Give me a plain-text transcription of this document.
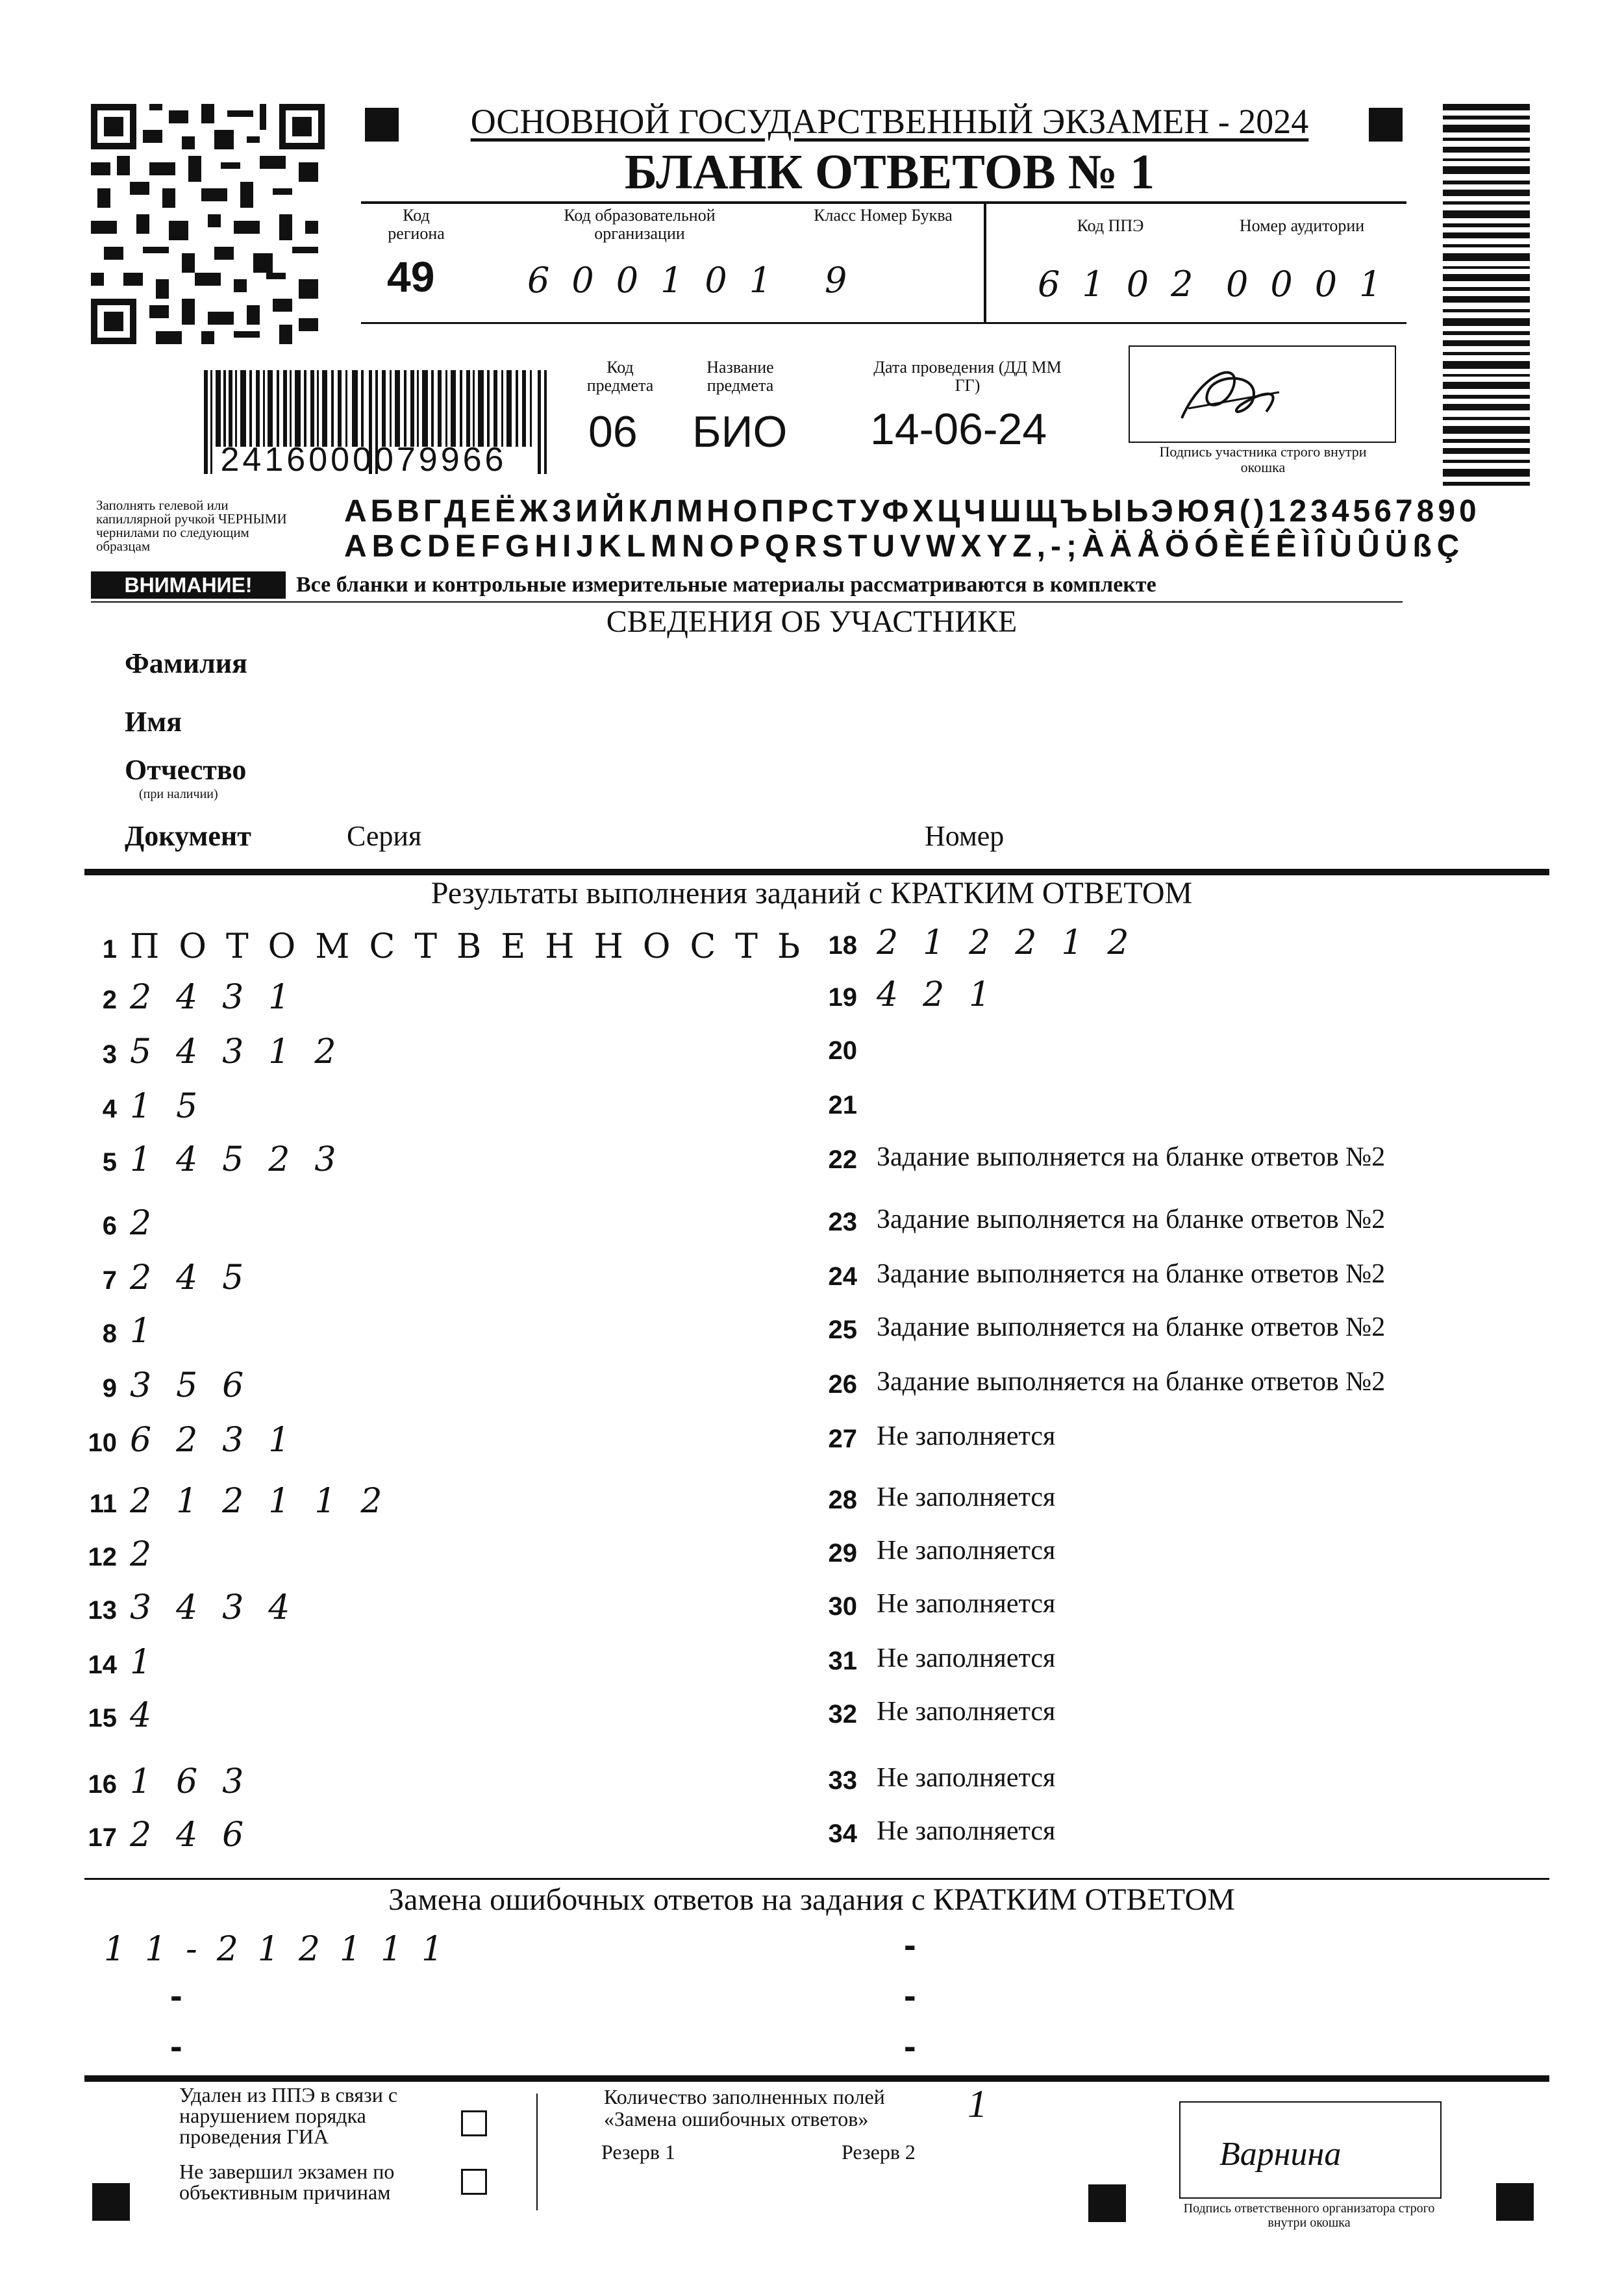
ОСНОВНОЙ ГОСУДАРСТВЕННЫЙ ЭКЗАМЕН - 2024
БЛАНК ОТВЕТОВ № 1
Код региона
49
Код образовательной организации
600101
Класс Номер Буква
9
Код ППЭ
6102
Номер аудитории
0001
2416000079966
Код предмета
06
Название предмета
БИО
Дата проведения (ДД ММ ГГ)
14-06-24	Подпись участника строго внутри окошка
Заполнять гелевой или капиллярной ручкой ЧЕРНЫМИ чернилами по следующим образцам
АБВГДЕЁЖЗИЙКЛМНОПРСТУФХЦЧШЩЪЫЬЭЮЯ()1234567890
ABCDEFGHIJKLMNOPQRSTUVWXYZ,-;ÀÄÅÖÓÈÉÊÌÎÙÛÜßÇ
ВНИМАНИЕ!	Все бланки и контрольные измерительные материалы рассматриваются в комплекте
СВЕДЕНИЯ ОБ УЧАСТНИКЕ
Фамилия
Имя
Отчество
(при наличии)
Документ	Серия	Номер
Результаты выполнения заданий с КРАТКИМ ОТВЕТОМ
1 ПОТОМСТВЕННОСТЬ
2 2431
3 54312
4 15
5 14523
6 2
7 245
8 1
9 356
10 6231
11 212112
12 2
13 3434
14 1
15 4
16 163
17 246
18 212212
19 421
20
21
22 Задание выполняется на бланке ответов №2
23 Задание выполняется на бланке ответов №2
24 Задание выполняется на бланке ответов №2
25 Задание выполняется на бланке ответов №2
26 Задание выполняется на бланке ответов №2
27 Не заполняется
28 Не заполняется
29 Не заполняется
30 Не заполняется
31 Не заполняется
32 Не заполняется
33 Не заполняется
34 Не заполняется
Замена ошибочных ответов на задания с КРАТКИМ ОТВЕТОМ
11-212111	-
-	-
-	-
Удален из ППЭ в связи с нарушением порядка проведения ГИА
Не завершил экзамен по объективным причинам
Количество заполненных полей «Замена ошибочных ответов»	1
Резерв 1	Резерв 2	Варнина
Подпись ответственного организатора строго внутри окошка
